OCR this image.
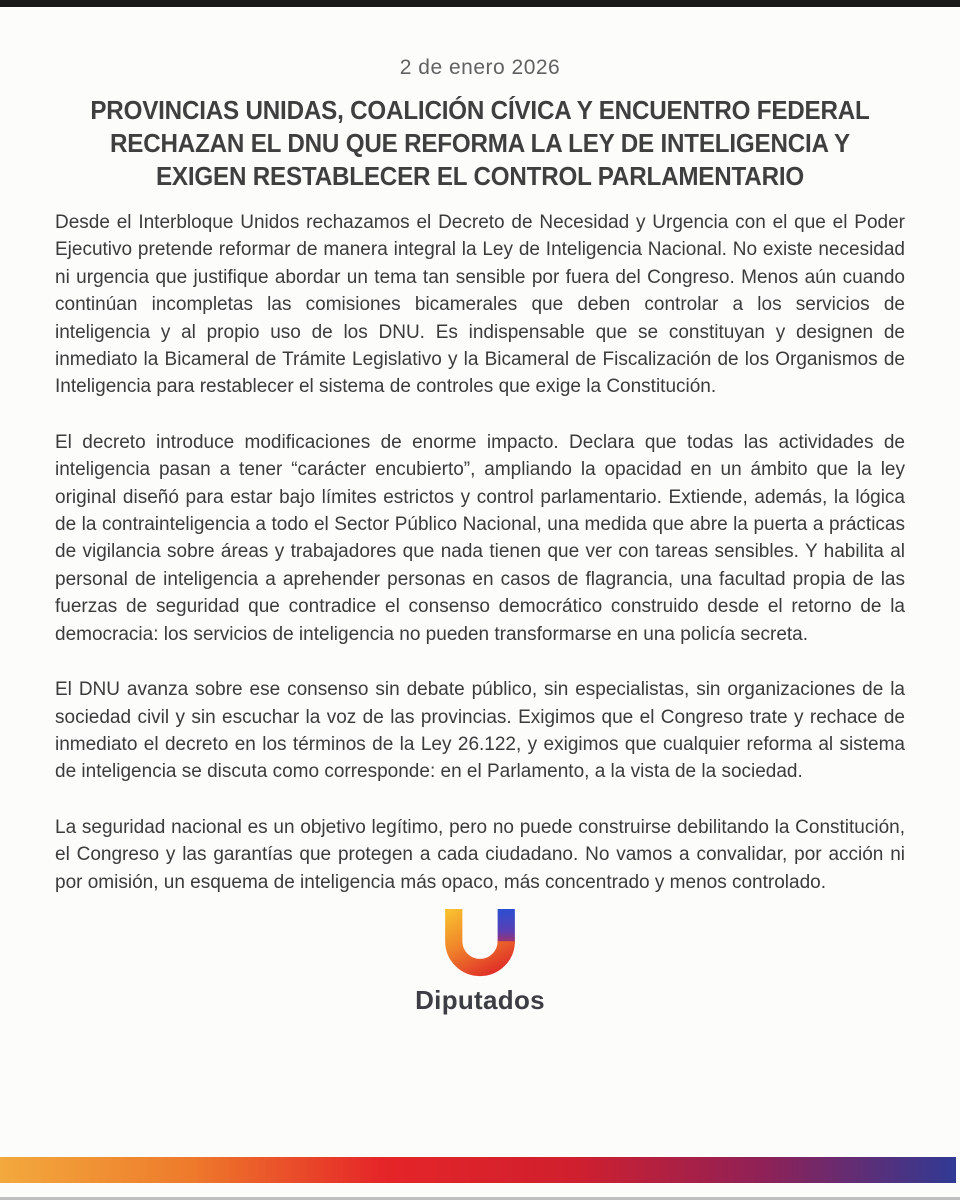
2 de enero 2026
PROVINCIAS UNIDAS, COALICIÓN CÍVICA Y ENCUENTRO FEDERAL
RECHAZAN EL DNU QUE REFORMA LA LEY DE INTELIGENCIA Y
EXIGEN RESTABLECER EL CONTROL PARLAMENTARIO

Desde el Interbloque Unidos rechazamos el Decreto de Necesidad y Urgencia con el que el Poder Ejecutivo pretende reformar de manera integral la Ley de Inteligencia Nacional. No existe necesidad ni urgencia que justifique abordar un tema tan sensible por fuera del Congreso. Menos aún cuando continúan incompletas las comisiones bicamerales que deben controlar a los servicios de inteligencia y al propio uso de los DNU. Es indispensable que se constituyan y designen de inmediato la Bicameral de Trámite Legislativo y la Bicameral de Fiscalización de los Organismos de Inteligencia para restablecer el sistema de controles que exige la Constitución.

El decreto introduce modificaciones de enorme impacto. Declara que todas las actividades de inteligencia pasan a tener “carácter encubierto”, ampliando la opacidad en un ámbito que la ley original diseñó para estar bajo límites estrictos y control parlamentario. Extiende, además, la lógica de la contrainteligencia a todo el Sector Público Nacional, una medida que abre la puerta a prácticas de vigilancia sobre áreas y trabajadores que nada tienen que ver con tareas sensibles. Y habilita al personal de inteligencia a aprehender personas en casos de flagrancia, una facultad propia de las fuerzas de seguridad que contradice el consenso democrático construido desde el retorno de la democracia: los servicios de inteligencia no pueden transformarse en una policía secreta.

El DNU avanza sobre ese consenso sin debate público, sin especialistas, sin organizaciones de la sociedad civil y sin escuchar la voz de las provincias. Exigimos que el Congreso trate y rechace de inmediato el decreto en los términos de la Ley 26.122, y exigimos que cualquier reforma al sistema de inteligencia se discuta como corresponde: en el Parlamento, a la vista de la sociedad.

La seguridad nacional es un objetivo legítimo, pero no puede construirse debilitando la Constitución, el Congreso y las garantías que protegen a cada ciudadano. No vamos a convalidar, por acción ni por omisión, un esquema de inteligencia más opaco, más concentrado y menos controlado.

Diputados
